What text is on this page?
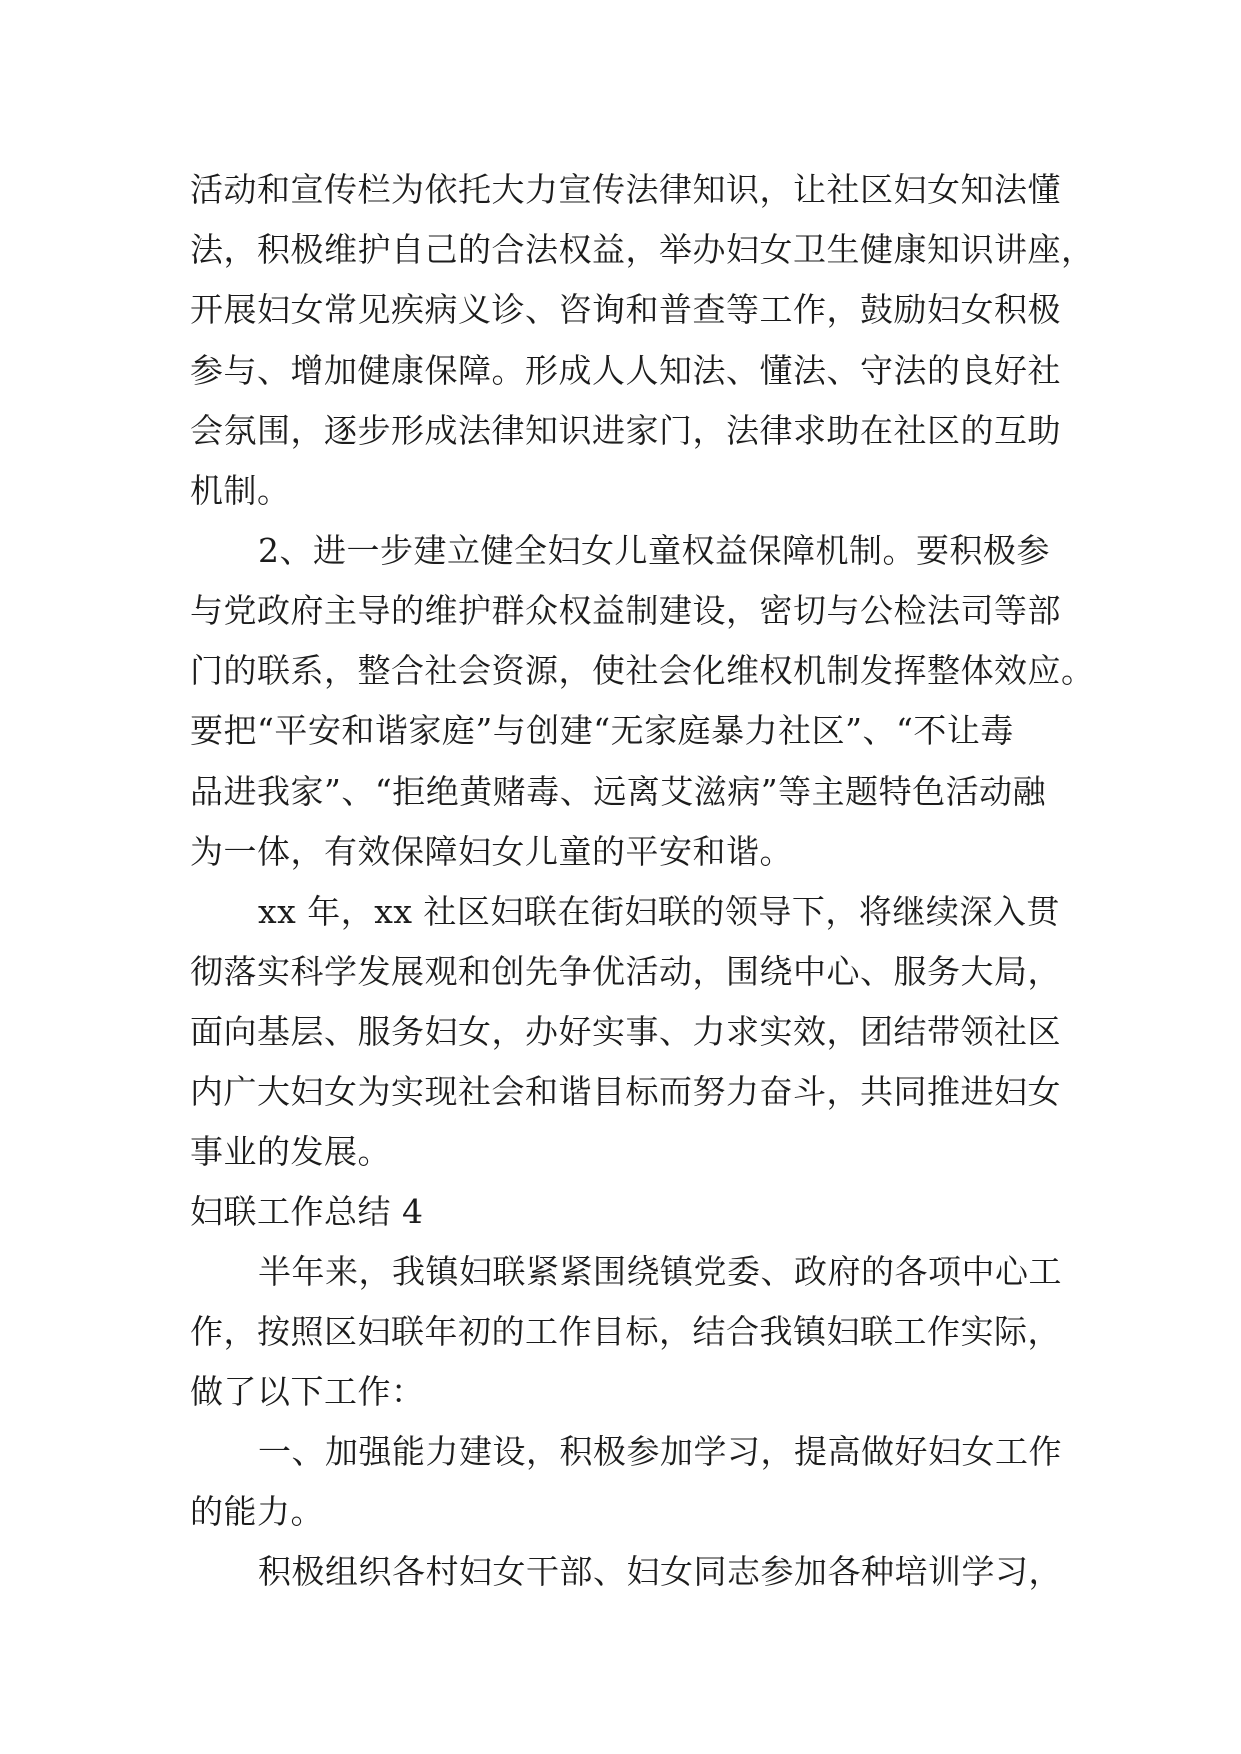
活动和宣传栏为依托大力宣传法律知识，让社区妇女知法懂

法，积极维护自己的合法权益，举办妇女卫生健康知识讲座，

开展妇女常见疾病义诊、咨询和普查等工作，鼓励妇女积极

参与、增加健康保障。形成人人知法、懂法、守法的良好社

会氛围，逐步形成法律知识进家门，法律求助在社区的互助

机制。

2、进一步建立健全妇女儿童权益保障机制。要积极参

与党政府主导的维护群众权益制建设，密切与公检法司等部

门的联系，整合社会资源，使社会化维权机制发挥整体效应。

要把“平安和谐家庭”与创建“无家庭暴力社区”、“不让毒

品进我家”、“拒绝黄赌毒、远离艾滋病”等主题特色活动融

为一体，有效保障妇女儿童的平安和谐。

xx 年，xx 社区妇联在街妇联的领导下，将继续深入贯

彻落实科学发展观和创先争优活动，围绕中心、服务大局，

面向基层、服务妇女，办好实事、力求实效，团结带领社区

内广大妇女为实现社会和谐目标而努力奋斗，共同推进妇女

事业的发展。

妇联工作总结 4

半年来，我镇妇联紧紧围绕镇党委、政府的各项中心工

作，按照区妇联年初的工作目标，结合我镇妇联工作实际，

做了以下工作：

一、加强能力建设，积极参加学习，提高做好妇女工作

的能力。

积极组织各村妇女干部、妇女同志参加各种培训学习，
